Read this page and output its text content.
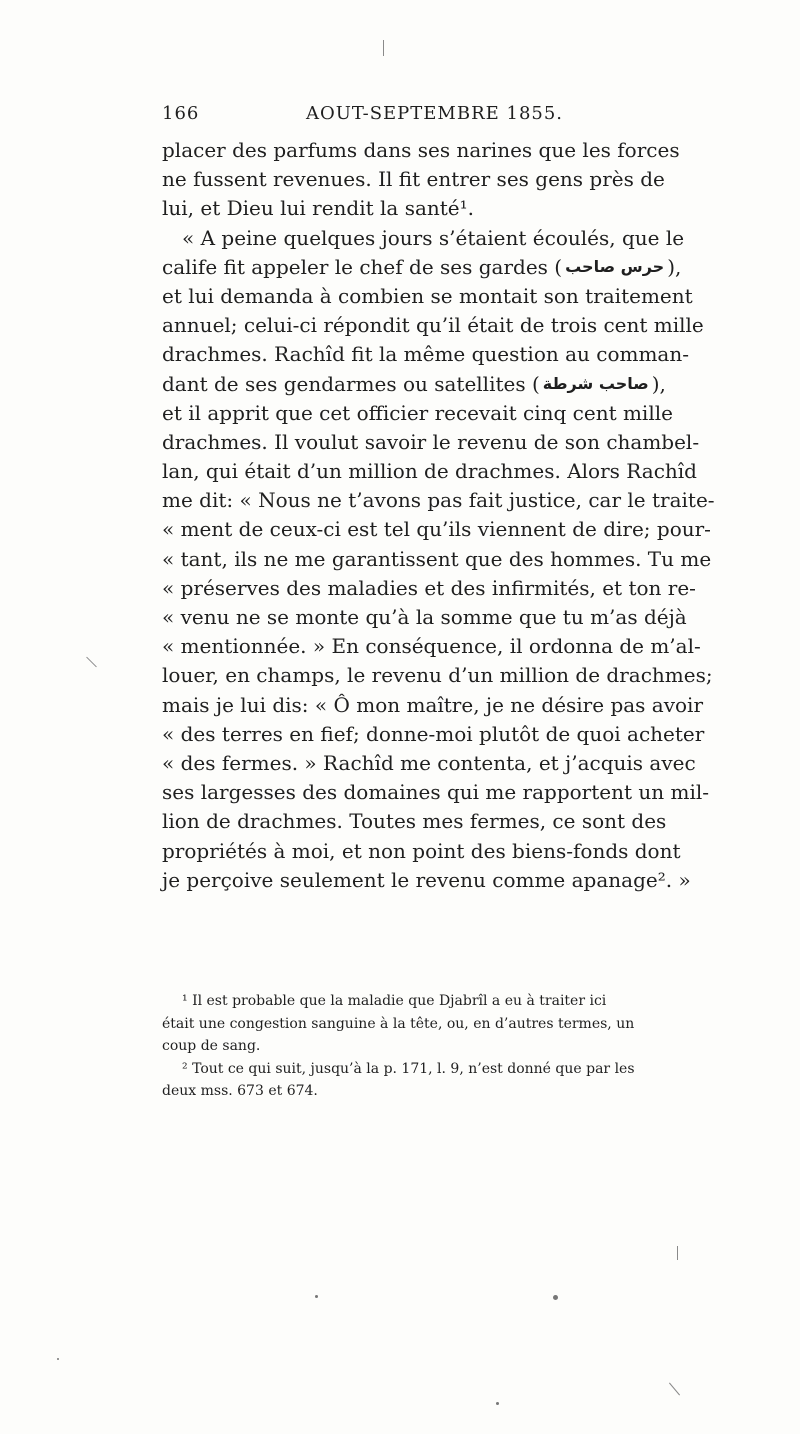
166	AOUT-SEPTEMBRE 1855.
placer des parfums dans ses narines que les forces
ne fussent revenues. Il fit entrer ses gens près de
lui, et Dieu lui rendit la santé¹.
« A peine quelques jours s’étaient écoulés, que le
calife fit appeler le chef de ses gardes ( حرس صاحب ),
et lui demanda à combien se montait son traitement
annuel; celui-ci répondit qu’il était de trois cent mille
drachmes. Rachîd fit la même question au comman-
dant de ses gendarmes ou satellites ( صاحب شرطة ),
et il apprit que cet officier recevait cinq cent mille
drachmes. Il voulut savoir le revenu de son chambel-
lan, qui était d’un million de drachmes. Alors Rachîd
me dit: « Nous ne t’avons pas fait justice, car le traite-
« ment de ceux-ci est tel qu’ils viennent de dire; pour-
« tant, ils ne me garantissent que des hommes. Tu me
« préserves des maladies et des infirmités, et ton re-
« venu ne se monte qu’à la somme que tu m’as déjà
« mentionnée. » En conséquence, il ordonna de m’al-
louer, en champs, le revenu d’un million de drachmes;
mais je lui dis: « Ô mon maître, je ne désire pas avoir
« des terres en fief; donne-moi plutôt de quoi acheter
« des fermes. » Rachîd me contenta, et j’acquis avec
ses largesses des domaines qui me rapportent un mil-
lion de drachmes. Toutes mes fermes, ce sont des
propriétés à moi, et non point des biens-fonds dont
je perçoive seulement le revenu comme apanage². »
¹ Il est probable que la maladie que Djabrîl a eu à traiter ici
était une congestion sanguine à la tête, ou, en d’autres termes, un
coup de sang.
² Tout ce qui suit, jusqu’à la p. 171, l. 9, n’est donné que par les
deux mss. 673 et 674.
